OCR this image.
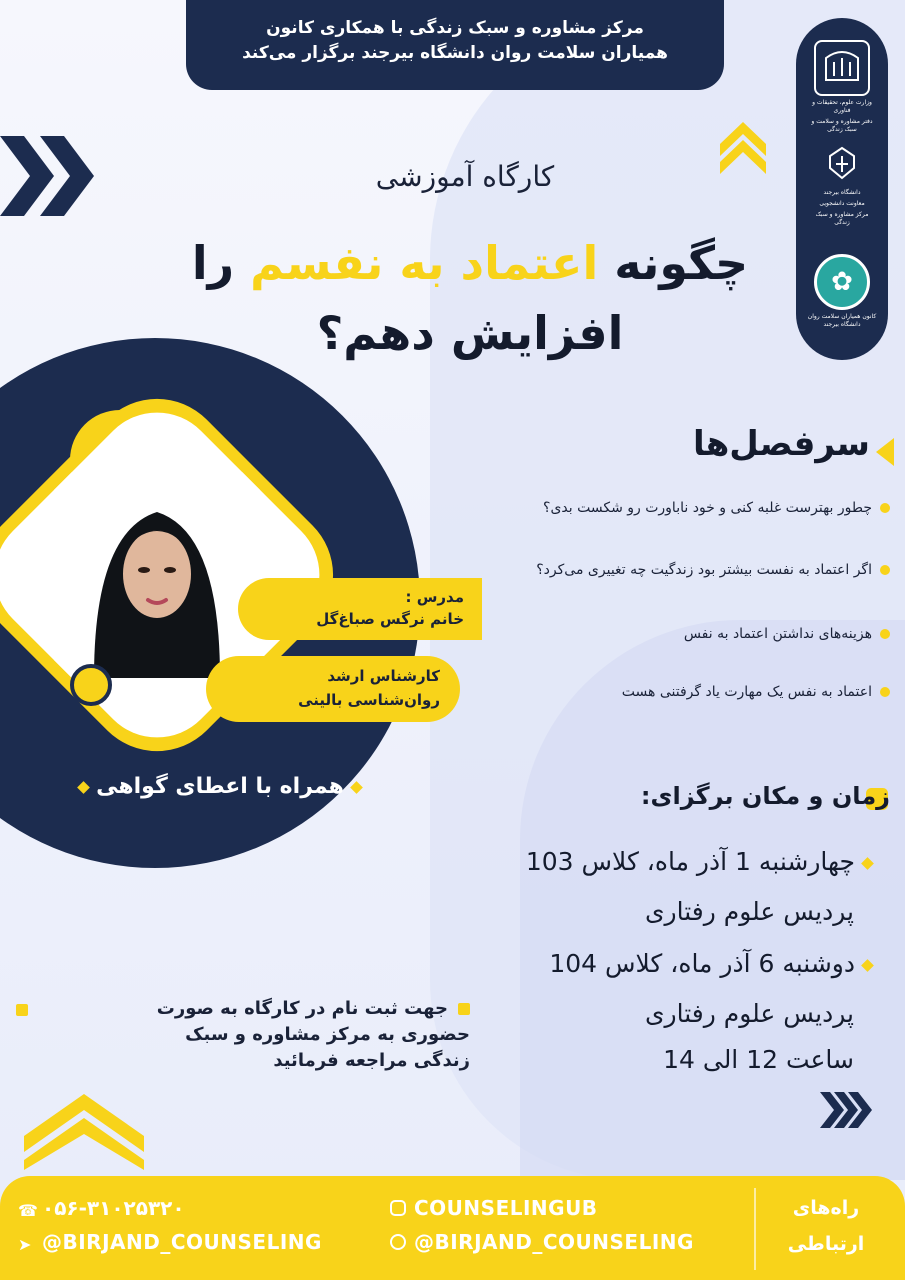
مرکز مشاوره و سبک زندگی با همکاری کانون
همیاران سلامت روان دانشگاه بیرجند برگزار می‌کند
وزارت علوم، تحقیقات و فناوری
دفتر مشاوره و سلامت و سبک زندگی
دانشگاه بیرجند
معاونت دانشجویی
مرکز مشاوره و سبک زندگی
✿
کانون همیاران سلامت روان دانشگاه بیرجند
کارگاه آموزشی
چگونه اعتماد به نفسم را
افزایش دهم؟
مدرس :
خانم نرگس صباغ‌گل
کارشناس ارشد
روان‌شناسی بالینی
همراه با اعطای گواهی
سرفصل‌ها
چطور بهترست غلبه کنی و خود ناباورت رو شکست بدی؟
اگر اعتماد به نفست بیشتر بود زندگیت چه تغییری می‌کرد؟
هزینه‌های نداشتن اعتماد به نفس
اعتماد به نفس یک مهارت یاد گرفتنی هست
زمان و مکان برگزای:
چهارشنبه 1 آذر ماه، کلاس 103
پردیس علوم رفتاری
دوشنبه 6 آذر ماه، کلاس 104
پردیس علوم رفتاری
ساعت 12 الی 14
جهت ثبت نام در کارگاه به صورت
حضوری به مرکز مشاوره و سبک
زندگی مراجعه فرمائید
راه‌های
ارتباطی
☎ ۰۵۶-۳۱۰۲۵۳۲۰
➤ @BIRJAND_COUNSELING
COUNSELINGUB
@BIRJAND_COUNSELING
